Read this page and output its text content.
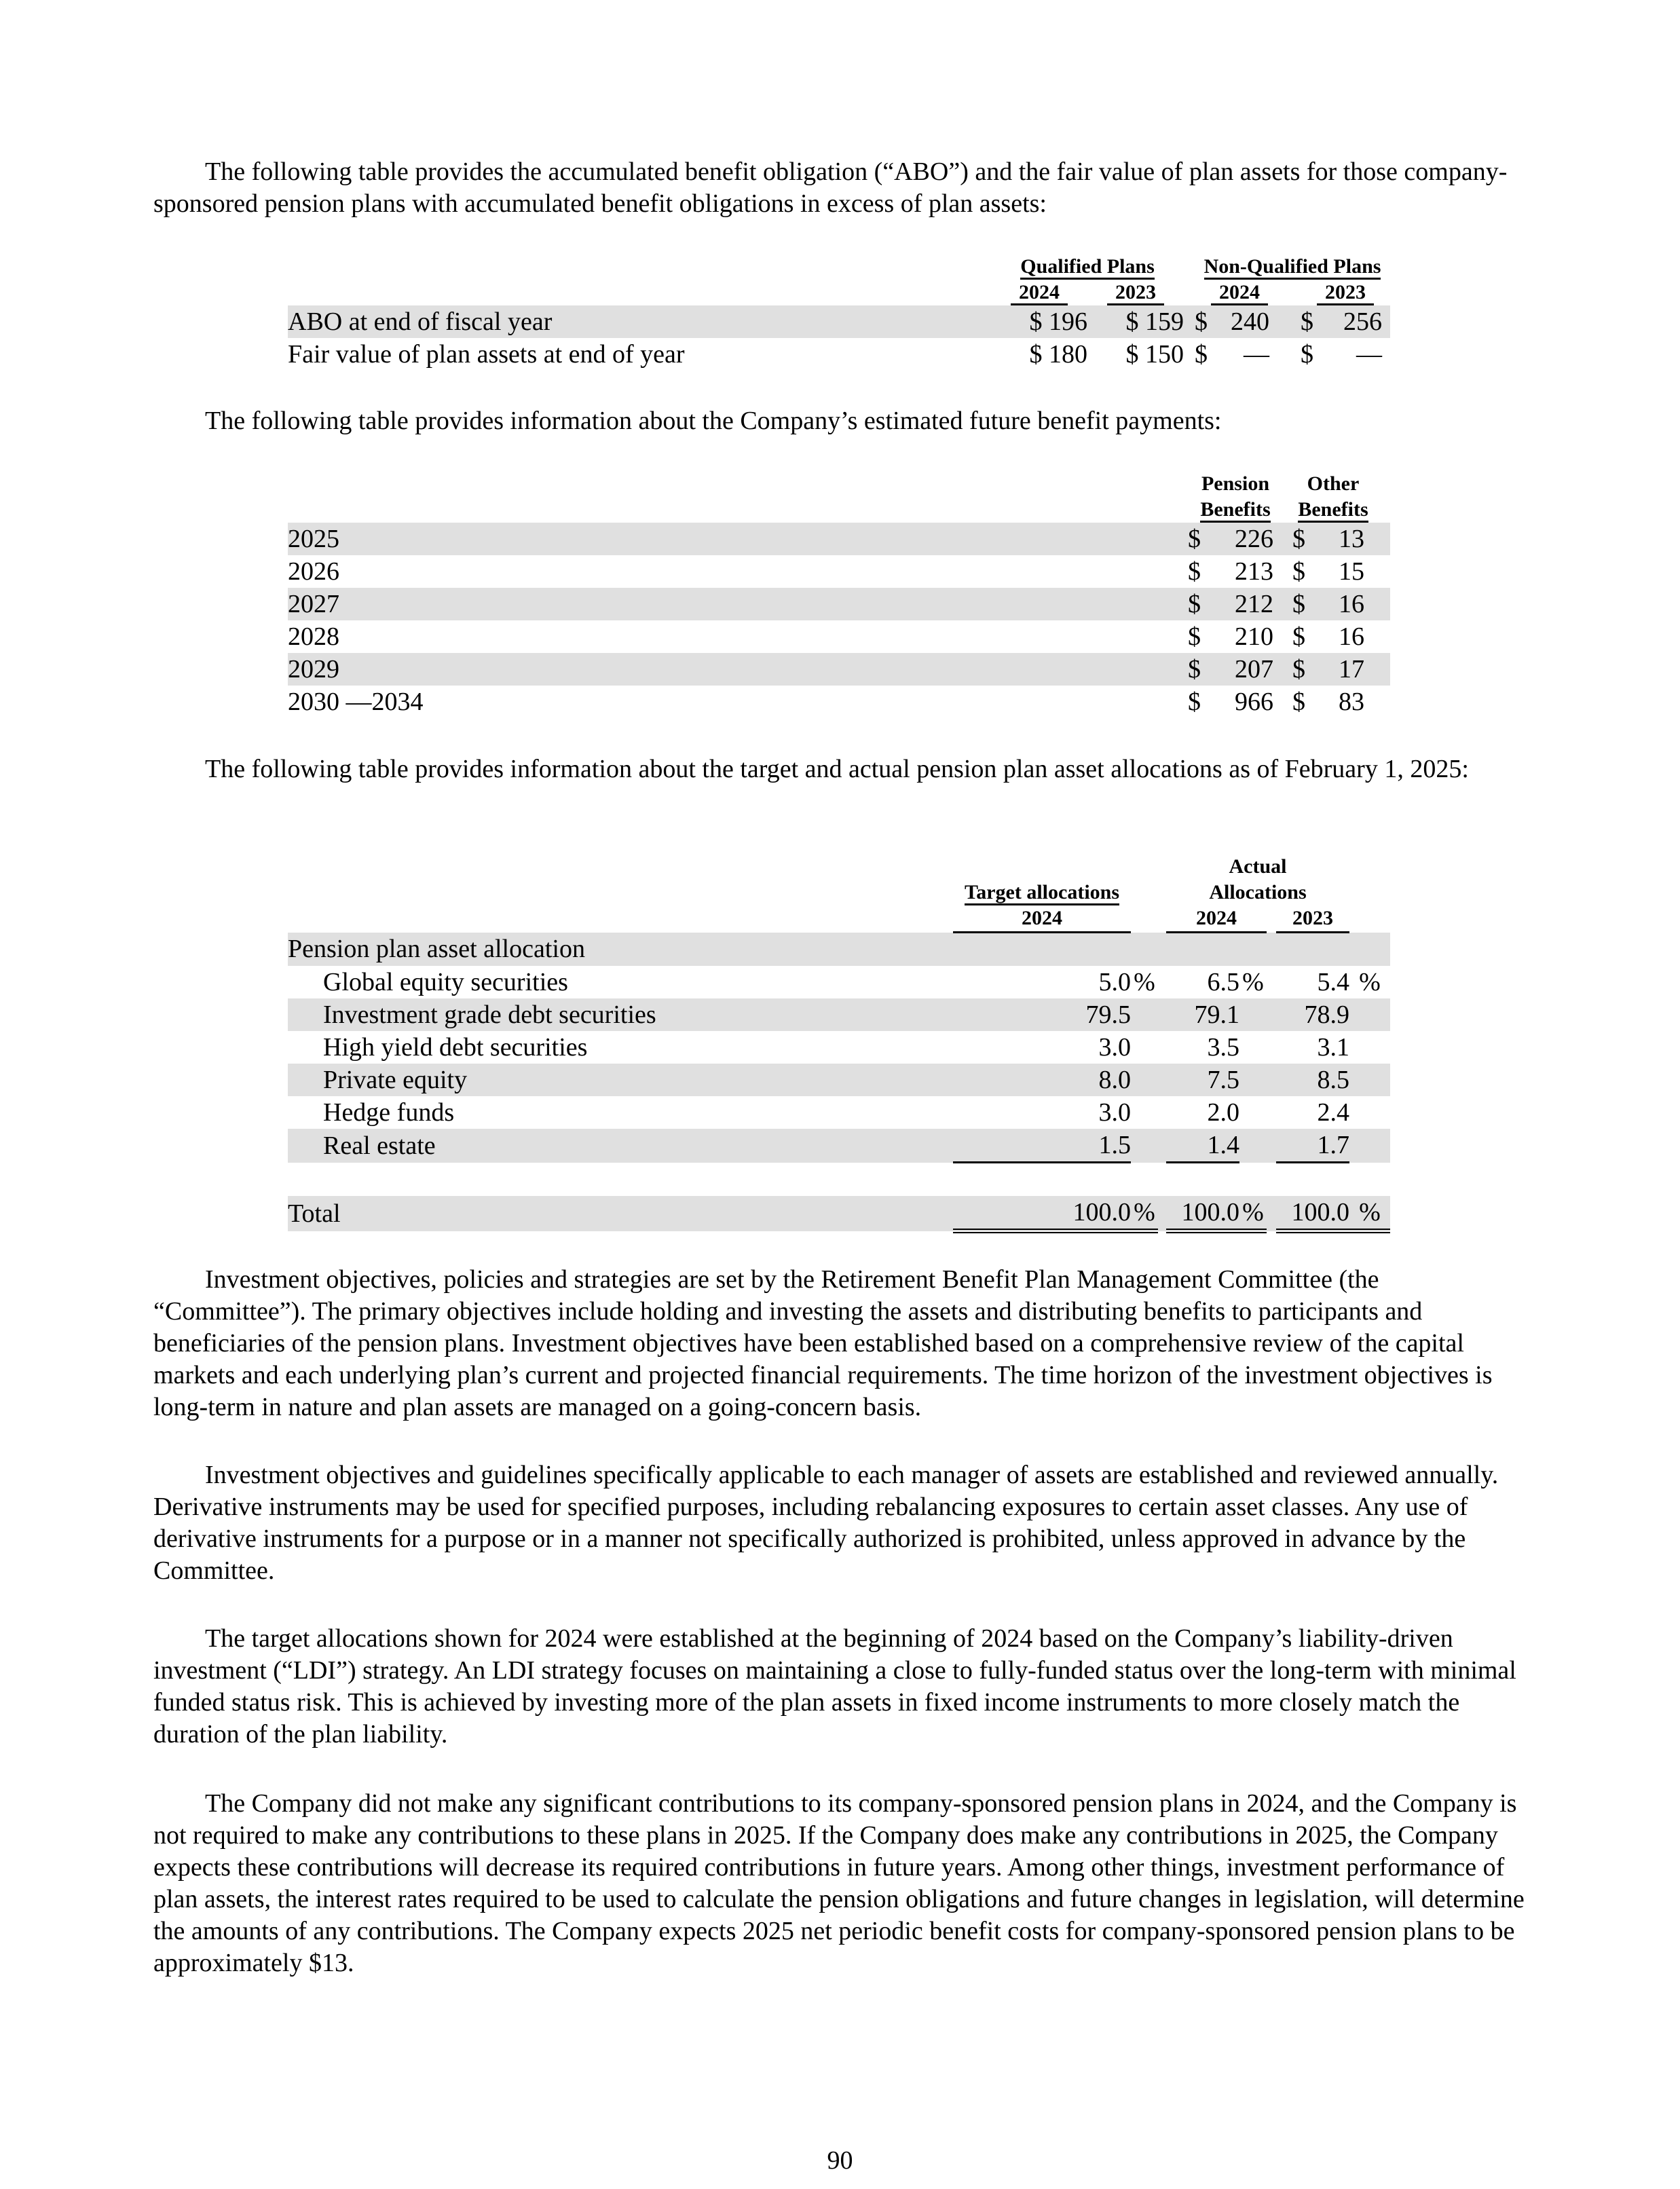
The following table provides the accumulated benefit obligation (“ABO”) and the fair value of plan assets for those company-sponsored pension plans with accumulated benefit obligations in excess of plan assets:

	Qualified Plans			Non-Qualified Plans		
	2024	2023		2024		2023
ABO at end of fiscal year	$ 196	$ 159		$ 240		$ 256

Fair value of plan assets at end of year	$ 180	$ 150		$ —		$ —

The following table provides information about the Company’s estimated future benefit payments:

	Pension		Other	
	Benefits		Benefits	
2025	$ 226		$ 13	

2026	$ 213		$ 15	

2027	$ 212		$ 16	

2028	$ 210		$ 16	

2029	$ 207		$ 17	

2030 —2034	$ 966		$ 83	

The following table provides information about the target and actual pension plan asset allocations as of February 1, 2025:

				Actual				
	Target allocations			Allocations				
	2024			2024			2023	
Pension plan asset allocation								
Global equity securities	5.0	%		6.5	%		5.4	%
Investment grade debt securities	79.5			79.1			78.9	
High yield debt securities	3.0			3.5			3.1	
Private equity	8.0			7.5			8.5	
Hedge funds	3.0			2.0			2.4	
Real estate	1.5			1.4			1.7	

Total	100.0	%		100.0	%		100.0	%

Investment objectives, policies and strategies are set by the Retirement Benefit Plan Management Committee (the “Committee”). The primary objectives include holding and investing the assets and distributing benefits to participants and beneficiaries of the pension plans. Investment objectives have been established based on a comprehensive review of the capital markets and each underlying plan’s current and projected financial requirements. The time horizon of the investment objectives is long-term in nature and plan assets are managed on a going-concern basis.

Investment objectives and guidelines specifically applicable to each manager of assets are established and reviewed annually. Derivative instruments may be used for specified purposes, including rebalancing exposures to certain asset classes. Any use of derivative instruments for a purpose or in a manner not specifically authorized is prohibited, unless approved in advance by the Committee.

The target allocations shown for 2024 were established at the beginning of 2024 based on the Company’s liability-driven investment (“LDI”) strategy. An LDI strategy focuses on maintaining a close to fully-funded status over the long-term with minimal funded status risk. This is achieved by investing more of the plan assets in fixed income instruments to more closely match the duration of the plan liability.

The Company did not make any significant contributions to its company-sponsored pension plans in 2024, and the Company is not required to make any contributions to these plans in 2025. If the Company does make any contributions in 2025, the Company expects these contributions will decrease its required contributions in future years. Among other things, investment performance of plan assets, the interest rates required to be used to calculate the pension obligations and future changes in legislation, will determine the amounts of any contributions. The Company expects 2025 net periodic benefit costs for company-sponsored pension plans to be approximately $13.

90
